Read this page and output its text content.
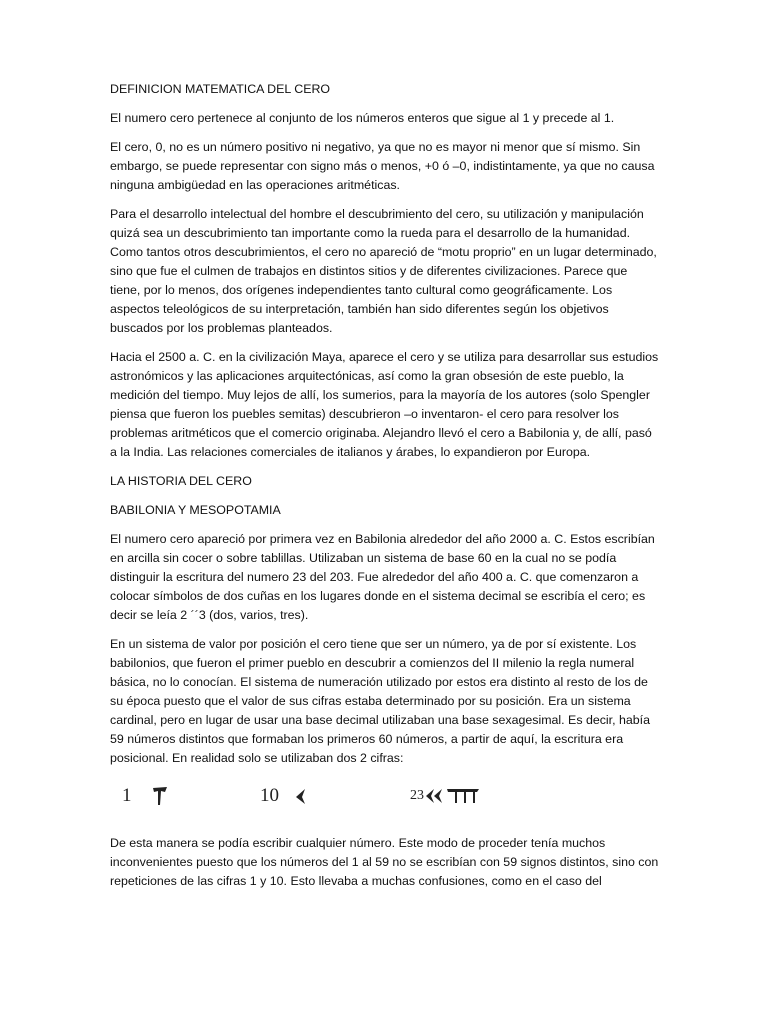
DEFINICION MATEMATICA DEL CERO

El numero cero pertenece al conjunto de los números enteros que sigue al 1 y precede al 1.

El cero, 0, no es un número positivo ni negativo, ya que no es mayor ni menor que sí mismo. Sin embargo, se puede representar con signo más o menos, +0 ó –0, indistintamente, ya que no causa ninguna ambigüedad en las operaciones aritméticas.

Para el desarrollo intelectual del hombre el descubrimiento del cero, su utilización y manipulación quizá sea un descubrimiento tan importante como la rueda para el desarrollo de la humanidad. Como tantos otros descubrimientos, el cero no apareció de “motu proprio” en un lugar determinado, sino que fue el culmen de trabajos en distintos sitios y de diferentes civilizaciones. Parece que tiene, por lo menos, dos orígenes independientes tanto cultural como geográficamente. Los aspectos teleológicos de su interpretación, también han sido diferentes según los objetivos buscados por los problemas planteados.

Hacia el 2500 a. C. en la civilización Maya, aparece el cero y se utiliza para desarrollar sus estudios astronómicos y las aplicaciones arquitectónicas, así como la gran obsesión de este pueblo, la medición del tiempo. Muy lejos de allí, los sumerios, para la mayoría de los autores (solo Spengler piensa que fueron los puebles semitas) descubrieron –o inventaron- el cero para resolver los problemas aritméticos que el comercio originaba. Alejandro llevó el cero a Babilonia y, de allí, pasó a la India. Las relaciones comerciales de italianos y árabes, lo expandieron por Europa.

LA HISTORIA DEL CERO
BABILONIA Y MESOPOTAMIA

El numero cero apareció por primera vez en Babilonia alrededor del año 2000 a. C. Estos escribían en arcilla sin cocer o sobre tablillas. Utilizaban un sistema de base 60 en la cual no se podía distinguir la escritura del numero 23 del 203. Fue alrededor del año 400 a. C. que comenzaron a colocar símbolos de dos cuñas en los lugares donde en el sistema decimal se escribía el cero; es decir se leía 2 ´´3 (dos, varios, tres).

En un sistema de valor por posición el cero tiene que ser un número, ya de por sí existente. Los babilonios, que fueron el primer pueblo en descubrir a comienzos del II milenio la regla numeral básica, no lo conocían. El sistema de numeración utilizado por estos era distinto al resto de los de su época puesto que el valor de sus cifras estaba determinado por su posición. Era un sistema cardinal, pero en lugar de usar una base decimal utilizaban una base sexagesimal. Es decir, había 59 números distintos que formaban los primeros 60 números, a partir de aquí, la escritura era posicional. En realidad solo se utilizaban dos 2 cifras:

1	10	23

De esta manera se podía escribir cualquier número. Este modo de proceder tenía muchos inconvenientes puesto que los números del 1 al 59 no se escribían con 59 signos distintos, sino con repeticiones de las cifras 1 y 10. Esto llevaba a muchas confusiones, como en el caso del
